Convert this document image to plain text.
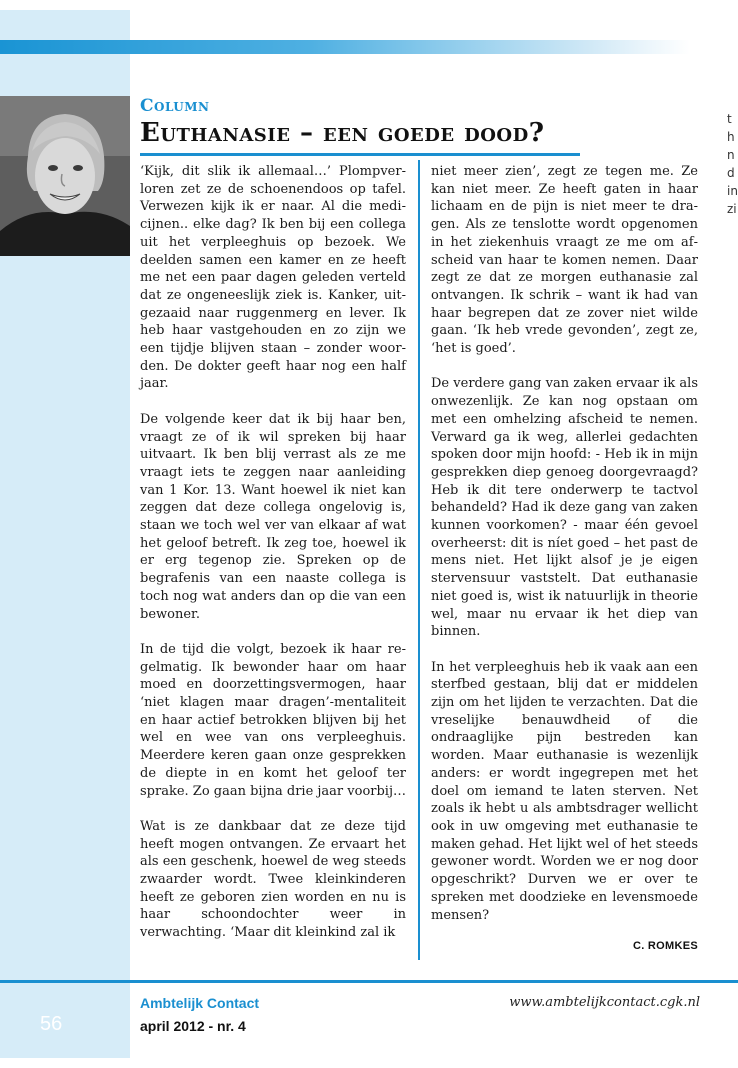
t
h
n
d
in
zi
Column
Euthanasie – een goede dood?

‘Kijk, dit slik ik allemaal…’ Plompverloren zet ze de schoenendoos op tafel. Verwezen kijk ik er naar. Al die medicijnen.. elke dag? Ik ben bij een collega uit het verpleeghuis op bezoek. We deelden samen een kamer en ze heeft me net een paar dagen geleden verteld dat ze ongeneeslijk ziek is. Kanker, uitgezaaid naar ruggenmerg en lever. Ik heb haar vastgehouden en zo zijn we een tijdje blijven staan – zonder woorden. De dokter geeft haar nog een half jaar.

De volgende keer dat ik bij haar ben, vraagt ze of ik wil spreken bij haar uitvaart. Ik ben blij verrast als ze me vraagt iets te zeggen naar aanleiding van 1 Kor. 13. Want hoewel ik niet kan zeggen dat deze collega ongelovig is, staan we toch wel ver van elkaar af wat het geloof betreft. Ik zeg toe, hoewel ik er erg tegenop zie. Spreken op de begrafenis van een naaste collega is toch nog wat anders dan op die van een bewoner.

In de tijd die volgt, bezoek ik haar regelmatig. Ik bewonder haar om haar moed en doorzettingsvermogen, haar ‘niet klagen maar dragen’-mentaliteit en haar actief betrokken blijven bij het wel en wee van ons verpleeghuis. Meerdere keren gaan onze gesprekken de diepte in en komt het geloof ter sprake. Zo gaan bijna drie jaar voorbij…

Wat is ze dankbaar dat ze deze tijd heeft mogen ontvangen. Ze ervaart het als een geschenk, hoewel de weg steeds zwaarder wordt. Twee kleinkinderen heeft ze geboren zien worden en nu is haar schoondochter weer in verwachting. ‘Maar dit kleinkind zal ik

niet meer zien’, zegt ze tegen me. Ze kan niet meer. Ze heeft gaten in haar lichaam en de pijn is niet meer te dragen. Als ze tenslotte wordt opgenomen in het ziekenhuis vraagt ze me om afscheid van haar te komen nemen. Daar zegt ze dat ze morgen euthanasie zal ontvangen. Ik schrik – want ik had van haar begrepen dat ze zover niet wilde gaan. ‘Ik heb vrede gevonden’, zegt ze, ‘het is goed’.

De verdere gang van zaken ervaar ik als onwezenlijk. Ze kan nog opstaan om met een omhelzing afscheid te nemen. Verward ga ik weg, allerlei gedachten spoken door mijn hoofd: - Heb ik in mijn gesprekken diep genoeg doorgevraagd? Heb ik dit tere onderwerp te tactvol behandeld? Had ik deze gang van zaken kunnen voorkomen? - maar één gevoel overheerst: dit is níet goed – het past de mens niet. Het lijkt alsof je je eigen stervensuur vaststelt. Dat euthanasie niet goed is, wist ik natuurlijk in theorie wel, maar nu ervaar ik het diep van binnen.

In het verpleeghuis heb ik vaak aan een sterfbed gestaan, blij dat er middelen zijn om het lijden te verzachten. Dat die vreselijke benauwdheid of die ondraaglijke pijn bestreden kan worden. Maar euthanasie is wezenlijk anders: er wordt ingegrepen met het doel om iemand te laten sterven. Net zoals ik hebt u als ambtsdrager wellicht ook in uw omgeving met euthanasie te maken gehad. Het lijkt wel of het steeds gewoner wordt. Worden we er nog door opgeschrikt? Durven we er over te spreken met doodzieke en levensmoede mensen?

C. ROMKES
Ambtelijk Contact
april 2012 - nr. 4
www.ambtelijkcontact.cgk.nl
56
